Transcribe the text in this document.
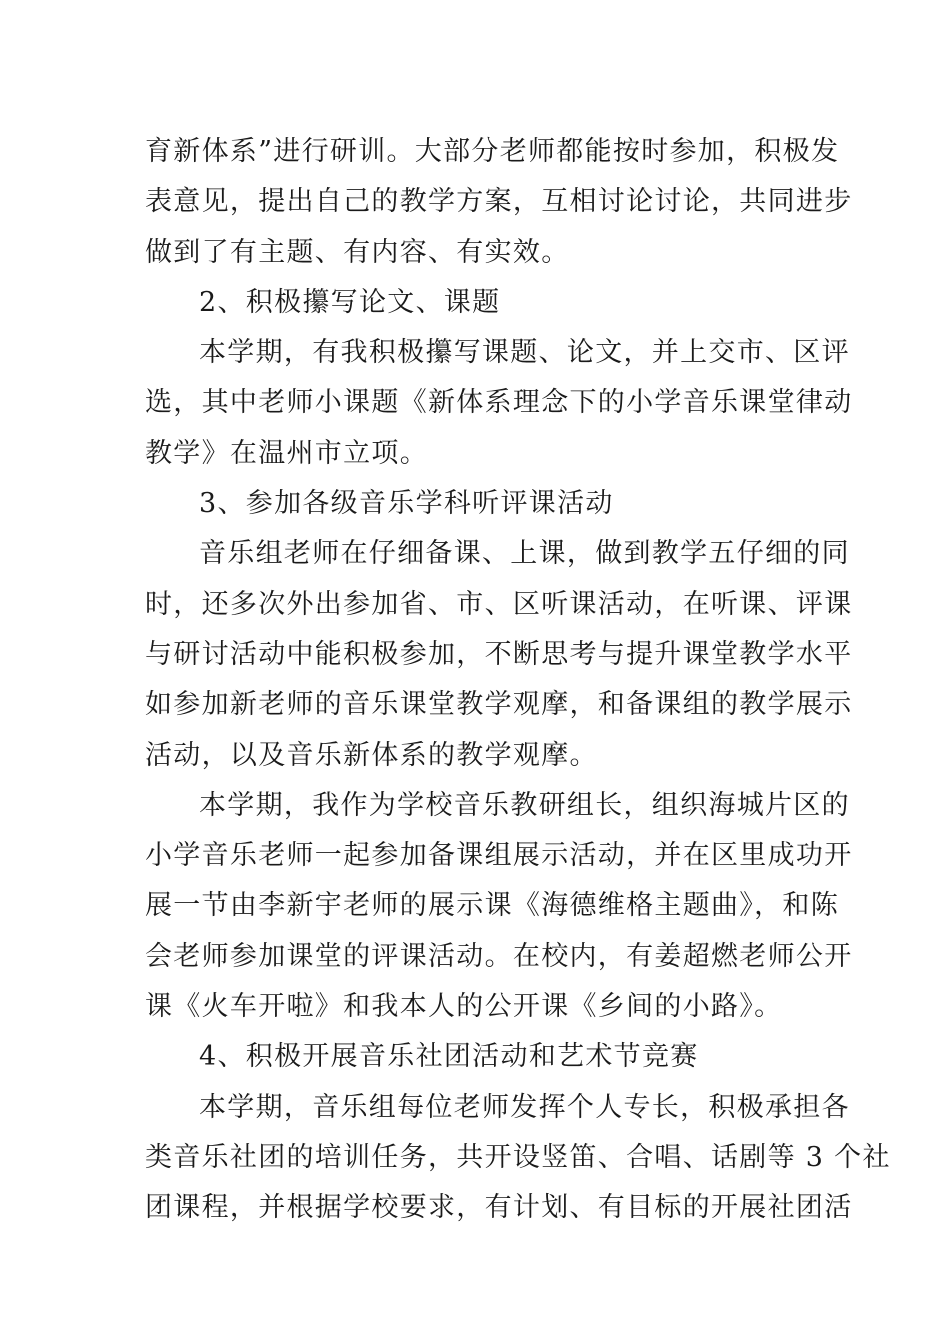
育新体系”进行研训。大部分老师都能按时参加，积极发
表意见，提出自己的教学方案，互相讨论讨论，共同进步
做到了有主题、有内容、有实效。
2、积极攥写论文、课题
本学期，有我积极攥写课题、论文，并上交市、区评
选，其中老师小课题《新体系理念下的小学音乐课堂律动
教学》在温州市立项。
3、参加各级音乐学科听评课活动
音乐组老师在仔细备课、上课，做到教学五仔细的同
时，还多次外出参加省、市、区听课活动，在听课、评课
与研讨活动中能积极参加，不断思考与提升课堂教学水平
如参加新老师的音乐课堂教学观摩，和备课组的教学展示
活动，以及音乐新体系的教学观摩。
本学期，我作为学校音乐教研组长，组织海城片区的
小学音乐老师一起参加备课组展示活动，并在区里成功开
展一节由李新宇老师的展示课《海德维格主题曲》，和陈
会老师参加课堂的评课活动。在校内，有姜超燃老师公开
课《火车开啦》和我本人的公开课《乡间的小路》。
4、积极开展音乐社团活动和艺术节竞赛
本学期，音乐组每位老师发挥个人专长，积极承担各
类音乐社团的培训任务，共开设竖笛、合唱、话剧等 3 个社
团课程，并根据学校要求，有计划、有目标的开展社团活
